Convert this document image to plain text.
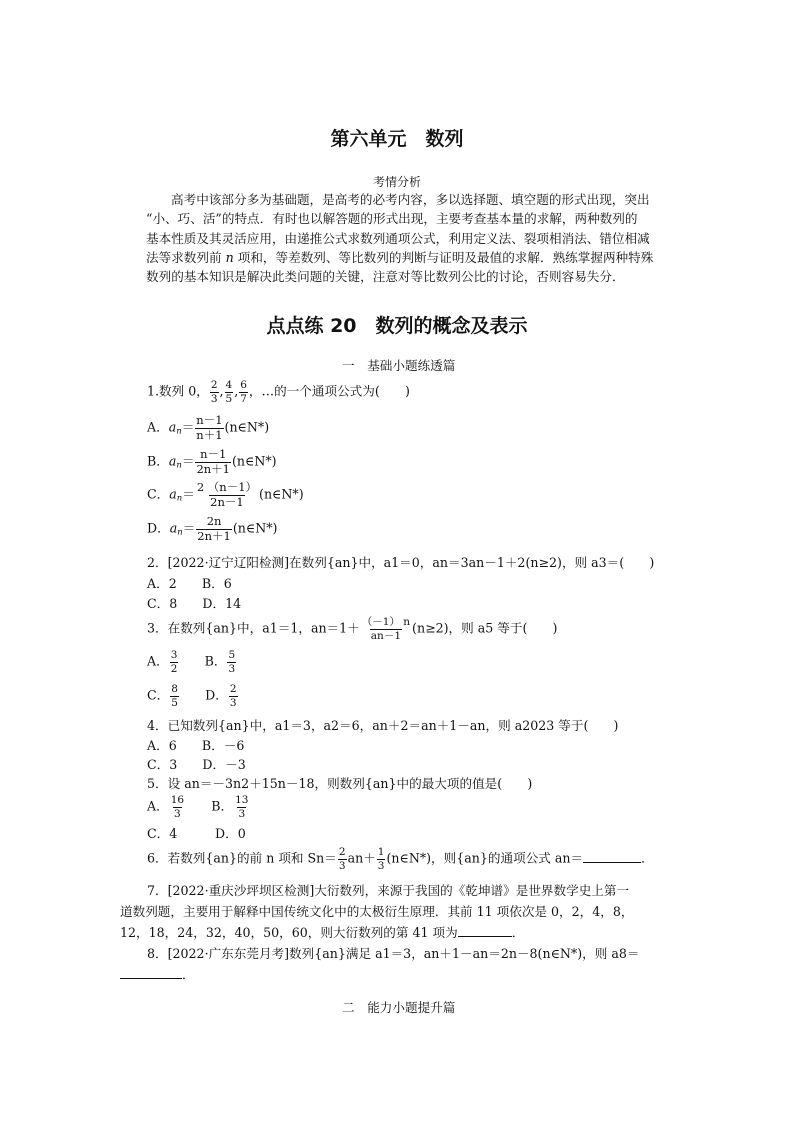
第六单元　数列
考情分析
高考中该部分多为基础题，是高考的必考内容，多以选择题、填空题的形式出现，突出
“小、巧、活”的特点．有时也以解答题的形式出现，主要考查基本量的求解，两种数列的
基本性质及其灵活应用，由递推公式求数列通项公式，利用定义法、裂项相消法、错位相减
法等求数列前 n 项和，等差数列、等比数列的判断与证明及最值的求解．熟练掌握两种特殊
数列的基本知识是解决此类问题的关键，注意对等比数列公比的讨论，否则容易失分．
点点练 20　数列的概念及表示
一　基础小题练透篇
1.数列 0， $\frac{2}{3}$ , $\frac{4}{5}$ , $\frac{6}{7}$ ，…的一个通项公式为(　　)
A．$a_n= \frac{n-1}{n+1}$ (n∈N*)
B．$a_n= \frac{n-1}{2n+1}$ (n∈N*)
C．$a_n= \frac{2 (n-1)}{2n-1}$ (n∈N*)
D．$a_n= \frac{2n}{2n+1}$ (n∈N*)
2．[2022·辽宁辽阳检测]在数列{an}中，a1＝0，an＝3an－1＋2(n≥2)，则 a3＝(　　)
A．2　　B．6
C．8　　D．14
3．在数列{an}中，a1＝1，$an=1+ \frac{(-1) n}{an-1} (n\ge 2)$，则 a5 等于(　　)
A． $\frac{3}{2}$
　　 B． $\frac{5}{3}$
C． $\frac{8}{5}$
　　 D． $\frac{2}{3}$
4．已知数列{an}中，a1＝3，a2＝6，an＋2＝an＋1－an，则 a2023 等于(　　)
A．6　　B．－6
C．3　　D．－3
5．设 an＝－3n2＋15n－18，则数列{an}中的最大项的值是(　　)
A． $\frac{16}{3}$
　　 B． $\frac{13}{3}$
C．4　　　D．0
6．若数列{an}的前 n 项和 $Sn= \frac{2}{3} an+ \frac{1}{3}$ (n∈N*)，则{an}的通项公式 an＝	．
7．[2022·重庆沙坪坝区检测]大衍数列，来源于我国的《乾坤谱》是世界数学史上第一
道数列题，主要用于解释中国传统文化中的太极衍生原理．其前 11 项依次是 0，2，4，8，
12，18，24，32，40，50，60，则大衍数列的第 41 项为	．
8．[2022·广东东莞月考]数列{an}满足 a1＝3，an＋1－an＝2n－8(n∈N*)，则 a8＝
．
二　能力小题提升篇
